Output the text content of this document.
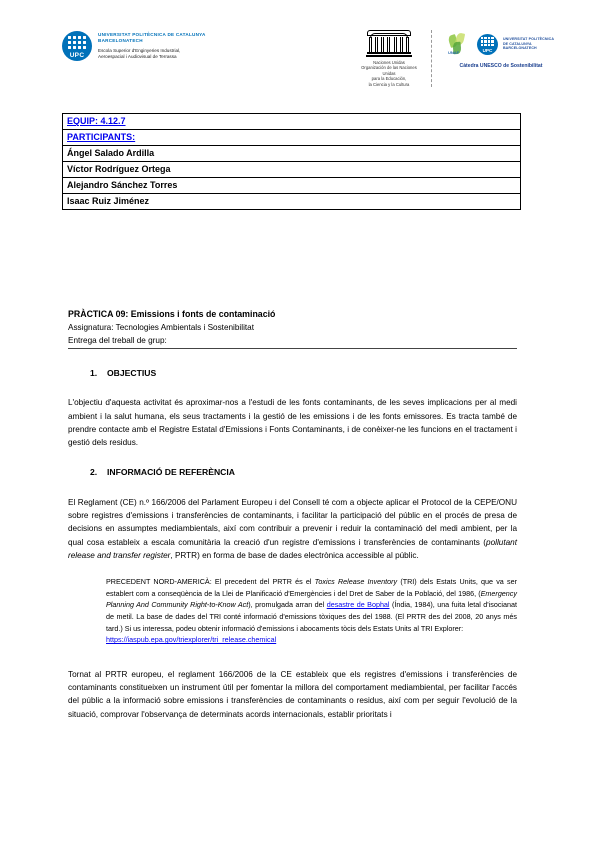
UPC
UNIVERSITAT POLITÈCNICA DE CATALUNYA
BARCELONATECH
Escola Superior d'Enginyeries Industrial,
Aeroespacial i Audiovisual de Terrassa
Naciones Unidas
Organización de las Naciones Unidas
para la Educación,
la Ciencia y la Cultura
UNAF	UPC
UNIVERSITAT POLITÈCNICA
DE CATALUNYA
BARCELONATECH
Càtedra UNESCO de Sostenibilitat
EQUIP: 4.12.7
PARTICIPANTS:
Ángel Salado Ardilla
Víctor Rodríguez Ortega
Alejandro Sánchez Torres
Isaac Ruiz Jiménez
PRÀCTICA 09: Emissions i fonts de contaminació
Assignatura: Tecnologies Ambientals i Sostenibilitat
Entrega del treball de grup:
1. OBJECTIUS

L'objectiu d'aquesta activitat és aproximar-nos a l'estudi de les fonts contaminants, de les seves implicacions per al medi ambient i la salut humana, els seus tractaments i la gestió de les emissions i de les fonts emissores. Es tracta també de prendre contacte amb el Registre Estatal d'Emissions i Fonts Contaminants, i de conèixer-ne les funcions en el tractament i gestió dels residus.

2. INFORMACIÓ DE REFERÈNCIA

El Reglament (CE) n.º 166/2006 del Parlament Europeu i del Consell té com a objecte aplicar el Protocol de la CEPE/ONU sobre registres d'emissions i transferències de contaminants, i facilitar la participació del públic en el procés de presa de decisions en assumptes mediambientals, així com contribuir a prevenir i reduir la contaminació del medi ambient, per la qual cosa estableix a escala comunitària la creació d'un registre d'emissions i transferències de contaminants (pollutant release and transfer register, PRTR) en forma de base de dades electrònica accessible al públic.

PRECEDENT NORD-AMERICÀ: El precedent del PRTR és el Toxics Release Inventory (TRI) dels Estats Units, que va ser establert com a conseqüència de la Llei de Planificació d'Emergències i del Dret de Saber de la Població, del 1986, (Emergency Planning And Community Right-to-Know Act), promulgada arran del desastre de Bophal (Índia, 1984), una fuita letal d'isocianat de metil. La base de dades del TRI conté informació d'emissions tòxiques des del 1988. (El PRTR des del 2008, 20 anys més tard.) Si us interessa, podeu obtenir informació d'emissions i abocaments tòcis dels Estats Units al TRI Explorer:
https://iaspub.epa.gov/triexplorer/tri_release.chemical

Tornat al PRTR europeu, el reglament 166/2006 de la CE estableix que els registres d'emissions i transferències de contaminants constitueixen un instrument útil per fomentar la millora del comportament mediambiental, per facilitar l'accés del públic a la informació sobre emissions i transferències de contaminants o residus, així com per seguir l'evolució de la situació, comprovar l'observança de determinats acords internacionals, establir prioritats i
